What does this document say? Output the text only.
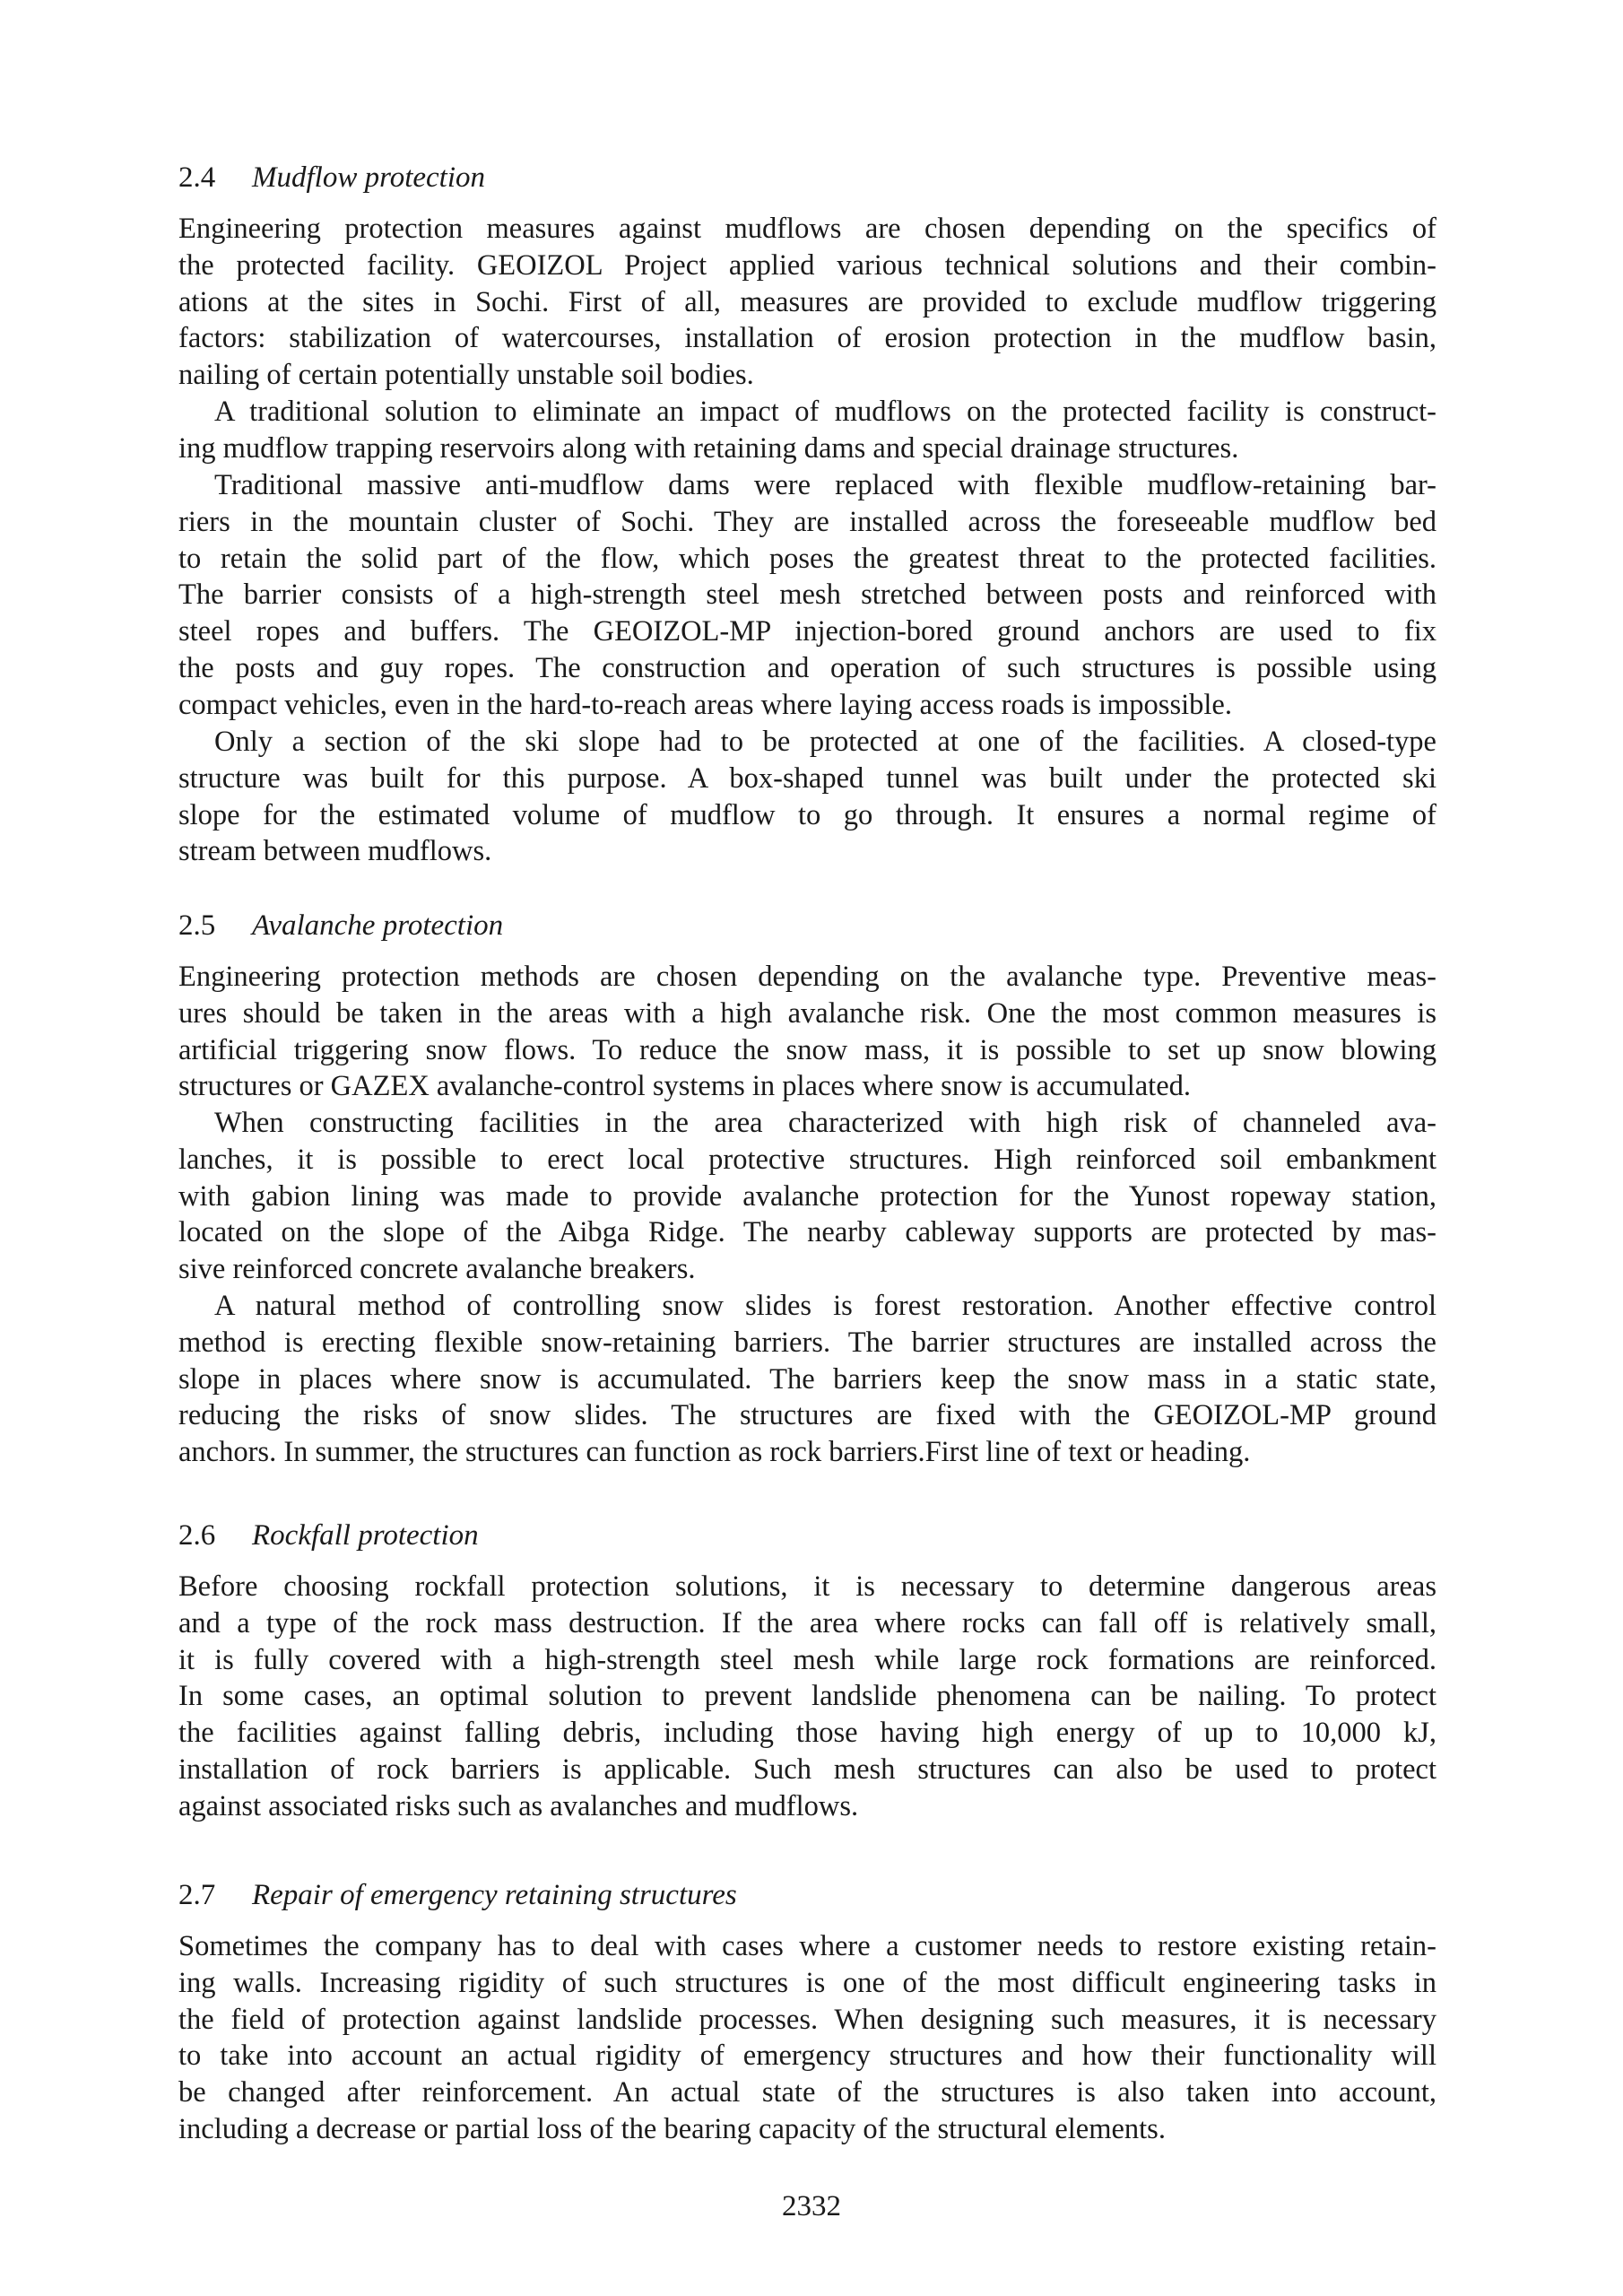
2.4 Mudflow protection
Engineering protection measures against mudflows are chosen depending on the specifics of
the protected facility. GEOIZOL Project applied various technical solutions and their combin-
ations at the sites in Sochi. First of all, measures are provided to exclude mudflow triggering
factors: stabilization of watercourses, installation of erosion protection in the mudflow basin,
nailing of certain potentially unstable soil bodies.
A traditional solution to eliminate an impact of mudflows on the protected facility is construct-
ing mudflow trapping reservoirs along with retaining dams and special drainage structures.
Traditional massive anti-mudflow dams were replaced with flexible mudflow-retaining bar-
riers in the mountain cluster of Sochi. They are installed across the foreseeable mudflow bed
to retain the solid part of the flow, which poses the greatest threat to the protected facilities.
The barrier consists of a high-strength steel mesh stretched between posts and reinforced with
steel ropes and buffers. The GEOIZOL-MP injection-bored ground anchors are used to fix
the posts and guy ropes. The construction and operation of such structures is possible using
compact vehicles, even in the hard-to-reach areas where laying access roads is impossible.
Only a section of the ski slope had to be protected at one of the facilities. A closed-type
structure was built for this purpose. A box-shaped tunnel was built under the protected ski
slope for the estimated volume of mudflow to go through. It ensures a normal regime of
stream between mudflows.
2.5 Avalanche protection
Engineering protection methods are chosen depending on the avalanche type. Preventive meas-
ures should be taken in the areas with a high avalanche risk. One the most common measures is
artificial triggering snow flows. To reduce the snow mass, it is possible to set up snow blowing
structures or GAZEX avalanche-control systems in places where snow is accumulated.
When constructing facilities in the area characterized with high risk of channeled ava-
lanches, it is possible to erect local protective structures. High reinforced soil embankment
with gabion lining was made to provide avalanche protection for the Yunost ropeway station,
located on the slope of the Aibga Ridge. The nearby cableway supports are protected by mas-
sive reinforced concrete avalanche breakers.
A natural method of controlling snow slides is forest restoration. Another effective control
method is erecting flexible snow-retaining barriers. The barrier structures are installed across the
slope in places where snow is accumulated. The barriers keep the snow mass in a static state,
reducing the risks of snow slides. The structures are fixed with the GEOIZOL-MP ground
anchors. In summer, the structures can function as rock barriers.First line of text or heading.
2.6 Rockfall protection
Before choosing rockfall protection solutions, it is necessary to determine dangerous areas
and a type of the rock mass destruction. If the area where rocks can fall off is relatively small,
it is fully covered with a high-strength steel mesh while large rock formations are reinforced.
In some cases, an optimal solution to prevent landslide phenomena can be nailing. To protect
the facilities against falling debris, including those having high energy of up to 10,000 kJ,
installation of rock barriers is applicable. Such mesh structures can also be used to protect
against associated risks such as avalanches and mudflows.
2.7 Repair of emergency retaining structures
Sometimes the company has to deal with cases where a customer needs to restore existing retain-
ing walls. Increasing rigidity of such structures is one of the most difficult engineering tasks in
the field of protection against landslide processes. When designing such measures, it is necessary
to take into account an actual rigidity of emergency structures and how their functionality will
be changed after reinforcement. An actual state of the structures is also taken into account,
including a decrease or partial loss of the bearing capacity of the structural elements.
2332
